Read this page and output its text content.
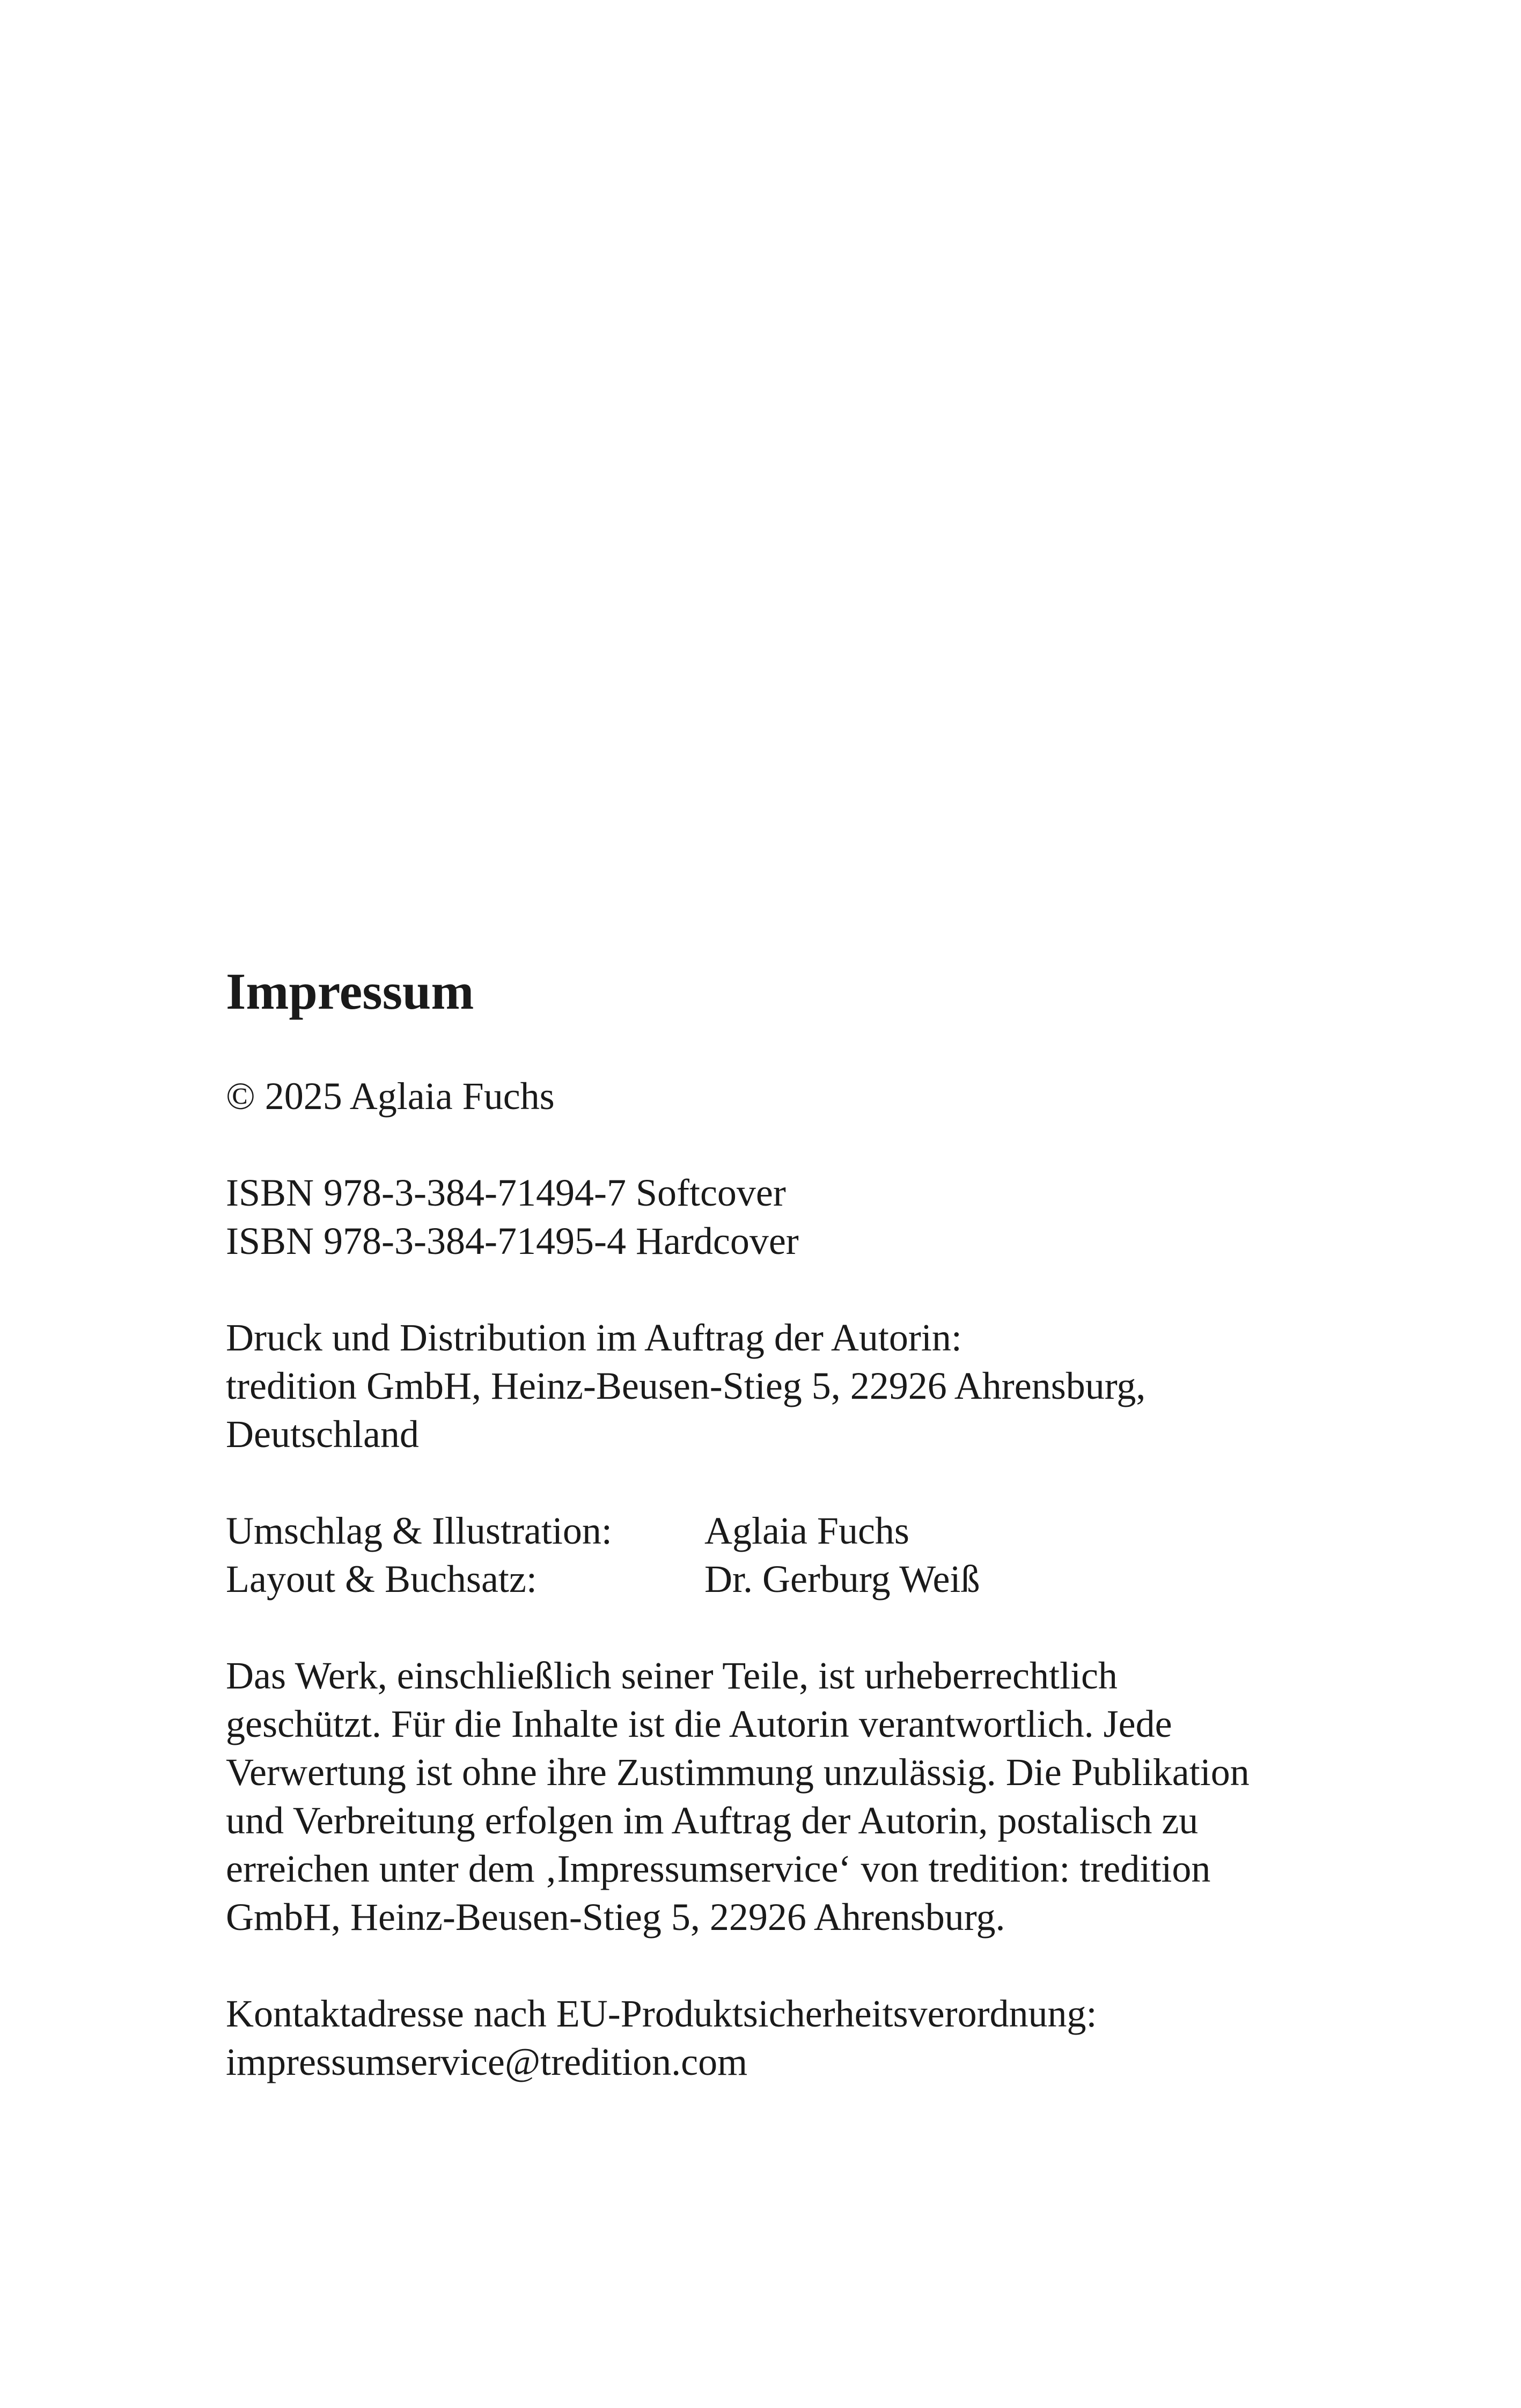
Impressum
© 2025 Aglaia Fuchs
ISBN 978-3-384-71494-7 Softcover
ISBN 978-3-384-71495-4 Hardcover
Druck und Distribution im Auftrag der Autorin:
tredition GmbH, Heinz-Beusen-Stieg 5, 22926 Ahrensburg,
Deutschland
Umschlag & Illustration:	Aglaia Fuchs
Layout & Buchsatz:	Dr. Gerburg Weiß
Das Werk, einschließlich seiner Teile, ist urheberrechtlich
geschützt. Für die Inhalte ist die Autorin verantwortlich. Jede
Verwertung ist ohne ihre Zustimmung unzulässig. Die Publikation
und Verbreitung erfolgen im Auftrag der Autorin, postalisch zu
erreichen unter dem ‚Impressumservice‘ von tredition: tredition
GmbH, Heinz-Beusen-Stieg 5, 22926 Ahrensburg.
Kontaktadresse nach EU-Produktsicherheitsverordnung:
impressumservice@tredition.com
